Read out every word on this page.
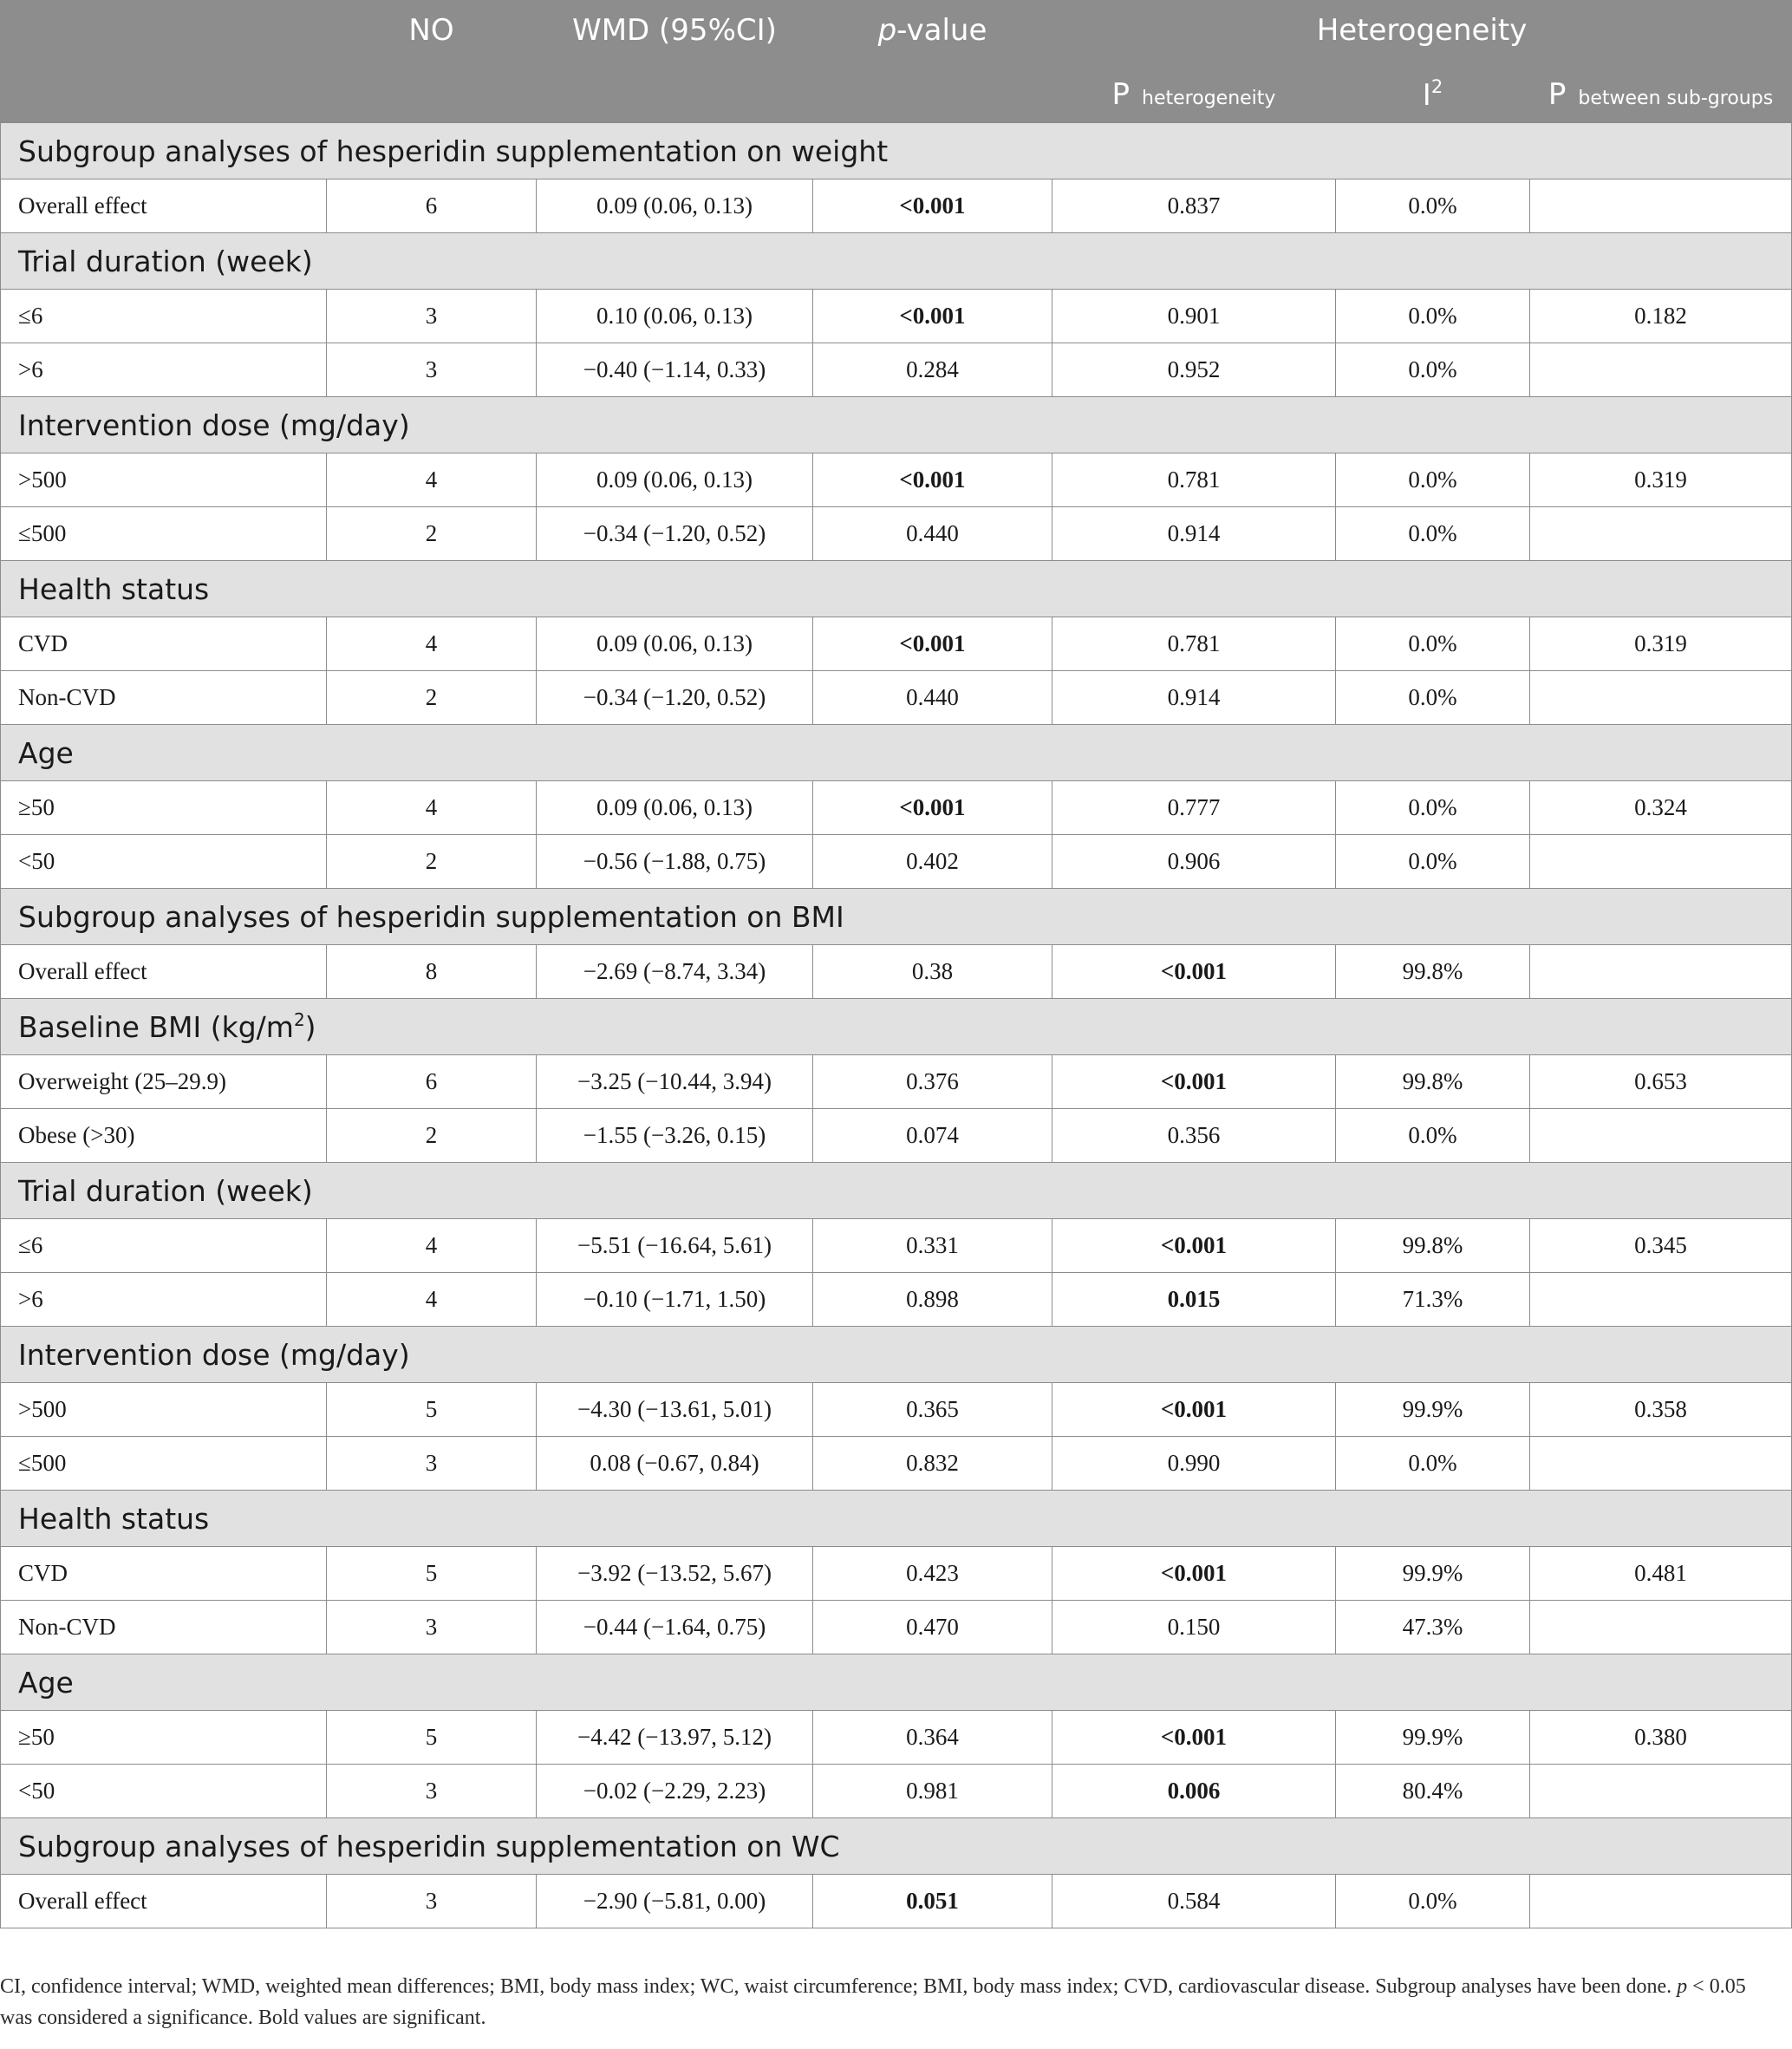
	NO	WMD (95%CI)	p-value	Heterogeneity		
				P heterogeneity	$I^2$	P between sub-groups
Subgroup analyses of hesperidin supplementation on weight						
Overall effect	6	0.09 (0.06, 0.13)	<0.001	0.837	0.0%	
Trial duration (week)						
≤6	3	0.10 (0.06, 0.13)	<0.001	0.901	0.0%	0.182
>6	3	−0.40 (−1.14, 0.33)	0.284	0.952	0.0%	
Intervention dose (mg/day)						
>500	4	0.09 (0.06, 0.13)	<0.001	0.781	0.0%	0.319
≤500	2	−0.34 (−1.20, 0.52)	0.440	0.914	0.0%	
Health status						
CVD	4	0.09 (0.06, 0.13)	<0.001	0.781	0.0%	0.319
Non-CVD	2	−0.34 (−1.20, 0.52)	0.440	0.914	0.0%	
Age						
≥50	4	0.09 (0.06, 0.13)	<0.001	0.777	0.0%	0.324
<50	2	−0.56 (−1.88, 0.75)	0.402	0.906	0.0%	
Subgroup analyses of hesperidin supplementation on BMI						
Overall effect	8	−2.69 (−8.74, 3.34)	0.38	<0.001	99.8%	
Baseline BMI $(kg/m^2)$						
Overweight (25–29.9)	6	−3.25 (−10.44, 3.94)	0.376	<0.001	99.8%	0.653
Obese (>30)	2	−1.55 (−3.26, 0.15)	0.074	0.356	0.0%	
Trial duration (week)						
≤6	4	−5.51 (−16.64, 5.61)	0.331	<0.001	99.8%	0.345
>6	4	−0.10 (−1.71, 1.50)	0.898	0.015	71.3%	
Intervention dose (mg/day)						
>500	5	−4.30 (−13.61, 5.01)	0.365	<0.001	99.9%	0.358
≤500	3	0.08 (−0.67, 0.84)	0.832	0.990	0.0%	
Health status						
CVD	5	−3.92 (−13.52, 5.67)	0.423	<0.001	99.9%	0.481
Non-CVD	3	−0.44 (−1.64, 0.75)	0.470	0.150	47.3%	
Age						
≥50	5	−4.42 (−13.97, 5.12)	0.364	<0.001	99.9%	0.380
<50	3	−0.02 (−2.29, 2.23)	0.981	0.006	80.4%	
Subgroup analyses of hesperidin supplementation on WC						
Overall effect	3	−2.90 (−5.81, 0.00)	0.051	0.584	0.0%	
CI, confidence interval; WMD, weighted mean differences; BMI, body mass index; WC, waist circumference; BMI, body mass index; CVD, cardiovascular disease. Subgroup analyses have been done. p < 0.05 was considered a significance. Bold values are significant.
